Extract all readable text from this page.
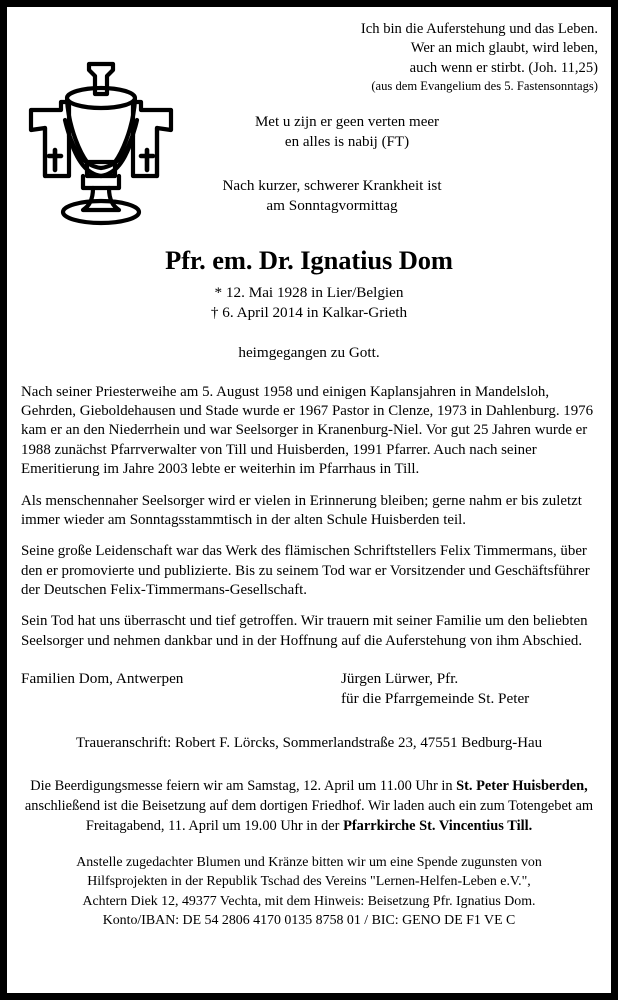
Ich bin die Auferstehung und das Leben.
Wer an mich glaubt, wird leben,
auch wenn er stirbt. (Joh. 11,25)
(aus dem Evangelium des 5. Fastensonntags)
Met u zijn er geen verten meer
en alles is nabij (FT)
Nach kurzer, schwerer Krankheit ist
am Sonntagvormittag
Pfr. em. Dr. Ignatius Dom
* 12. Mai 1928 in Lier/Belgien
† 6. April 2014 in Kalkar-Grieth
heimgegangen zu Gott.

Nach seiner Priesterweihe am 5. August 1958 und einigen Kaplansjahren in Mandelsloh, Gehrden, Gieboldehausen und Stade wurde er 1967 Pastor in Clenze, 1973 in Dahlenburg. 1976 kam er an den Niederrhein und war Seelsorger in Kranenburg-Niel. Vor gut 25 Jahren wurde er 1988 zunächst Pfarrverwalter von Till und Huisberden, 1991 Pfarrer. Auch nach seiner Emeritierung im Jahre 2003 lebte er weiterhin im Pfarrhaus in Till.

Als menschennaher Seelsorger wird er vielen in Erinnerung bleiben; gerne nahm er bis zuletzt immer wieder am Sonntagsstammtisch in der alten Schule Huisberden teil.

Seine große Leidenschaft war das Werk des flämischen Schriftstellers Felix Timmermans, über den er promovierte und publizierte. Bis zu seinem Tod war er Vorsitzender und Geschäftsführer der Deutschen Felix-Timmermans-Gesellschaft.

Sein Tod hat uns überrascht und tief getroffen. Wir trauern mit seiner Familie um den beliebten Seelsorger und nehmen dankbar und in der Hoffnung auf die Auferstehung von ihm Abschied.

Familien Dom, Antwerpen	Jürgen Lürwer, Pfr.
für die Pfarrgemeinde St. Peter
Traueranschrift: Robert F. Lörcks, Sommerlandstraße 23, 47551 Bedburg-Hau
Die Beerdigungsmesse feiern wir am Samstag, 12. April um 11.00 Uhr in St. Peter Huisberden, anschließend ist die Beisetzung auf dem dortigen Friedhof. Wir laden auch ein zum Totengebet am Freitagabend, 11. April um 19.00 Uhr in der Pfarrkirche St. Vincentius Till.
Anstelle zugedachter Blumen und Kränze bitten wir um eine Spende zugunsten von
Hilfsprojekten in der Republik Tschad des Vereins "Lernen-Helfen-Leben e.V.",
Achtern Diek 12, 49377 Vechta, mit dem Hinweis: Beisetzung Pfr. Ignatius Dom.
Konto/IBAN: DE 54 2806 4170 0135 8758 01 / BIC: GENO DE F1 VE C
